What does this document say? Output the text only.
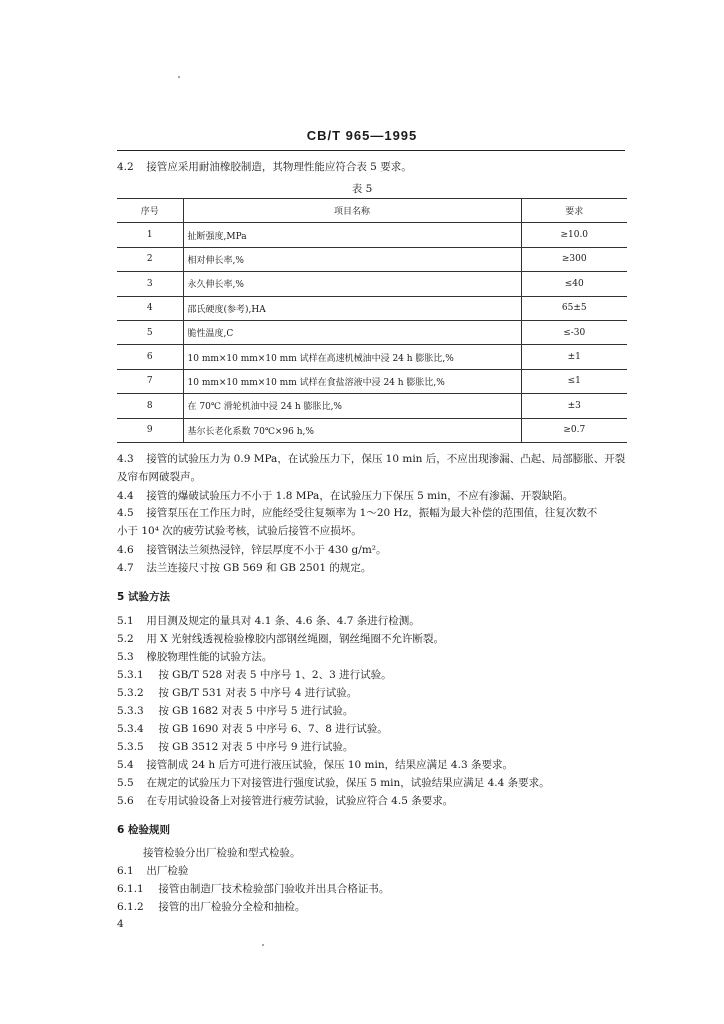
CB/T 965—1995
4.2 接管应采用耐油橡胶制造，其物理性能应符合表 5 要求。
表 5
序号	项目名称	要求
1	扯断强度,MPa	≥10.0
2	相对伸长率,%	≥300
3	永久伸长率,%	≤40
4	邵氏硬度(参考),HA	65±5
5	脆性温度,C	≤-30
6	10 mm×10 mm×10 mm 试样在高速机械油中浸 24 h 膨胀比,%	±1
7	10 mm×10 mm×10 mm 试样在食盐溶液中浸 24 h 膨胀比,%	≤1
8	在 70℃ 滑轮机油中浸 24 h 膨胀比,%	±3
9	基尔长老化系数 70℃×96 h,%	≥0.7
4.3 接管的试验压力为 0.9 MPa，在试验压力下，保压 10 min 后，不应出现渗漏、凸起、局部膨胀、开裂
及帘布网破裂声。
4.4 接管的爆破试验压力不小于 1.8 MPa，在试验压力下保压 5 min，不应有渗漏、开裂缺陷。
4.5 接管泵压在工作压力时，应能经受往复频率为 1～20 Hz，振幅为最大补偿的范围值，往复次数不
小于 10⁴ 次的疲劳试验考核，试验后接管不应损坏。
4.6 接管钢法兰须热浸锌，锌层厚度不小于 430 g/m²。
4.7 法兰连接尺寸按 GB 569 和 GB 2501 的规定。
5 试验方法
5.1 用目测及规定的量具对 4.1 条、4.6 条、4.7 条进行检测。
5.2 用 X 光射线透视检验橡胶内部钢丝绳圈，钢丝绳圈不允许断裂。
5.3 橡胶物理性能的试验方法。
5.3.1 按 GB/T 528 对表 5 中序号 1、2、3 进行试验。
5.3.2 按 GB/T 531 对表 5 中序号 4 进行试验。
5.3.3 按 GB 1682 对表 5 中序号 5 进行试验。
5.3.4 按 GB 1690 对表 5 中序号 6、7、8 进行试验。
5.3.5 按 GB 3512 对表 5 中序号 9 进行试验。
5.4 接管制成 24 h 后方可进行液压试验，保压 10 min，结果应满足 4.3 条要求。
5.5 在规定的试验压力下对接管进行强度试验，保压 5 min，试验结果应满足 4.4 条要求。
5.6 在专用试验设备上对接管进行疲劳试验，试验应符合 4.5 条要求。
6 检验规则
接管检验分出厂检验和型式检验。
6.1 出厂检验
6.1.1 接管由制造厂技术检验部门验收并出具合格证书。
6.1.2 接管的出厂检验分全检和抽检。
4
